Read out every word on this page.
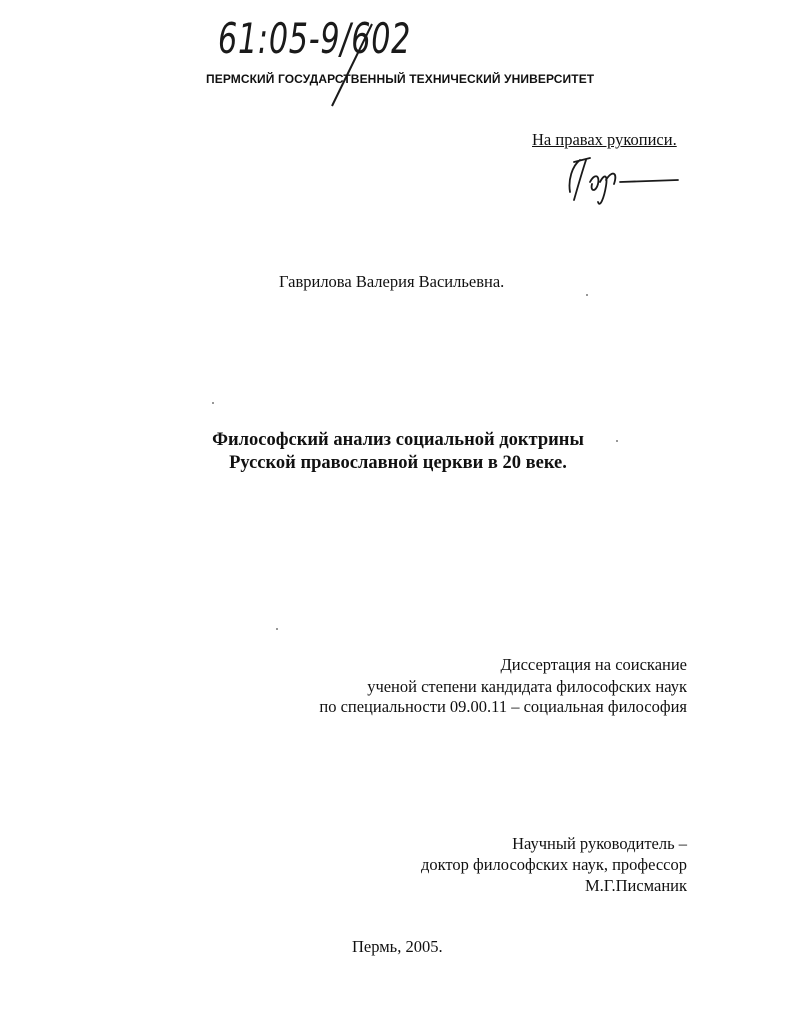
61:05-9/602
ПЕРМСКИЙ ГОСУДАРСТВЕННЫЙ ТЕХНИЧЕСКИЙ УНИВЕРСИТЕТ
На правах рукописи.
Гаврилова Валерия Васильевна.
Философский анализ социальной доктрины
Русской православной церкви в 20 веке.
Диссертация на соискание
ученой степени кандидата философских наук
по специальности 09.00.11 – социальная философия
Научный руководитель –
доктор философских наук, профессор
М.Г.Писманик
Пермь, 2005.
